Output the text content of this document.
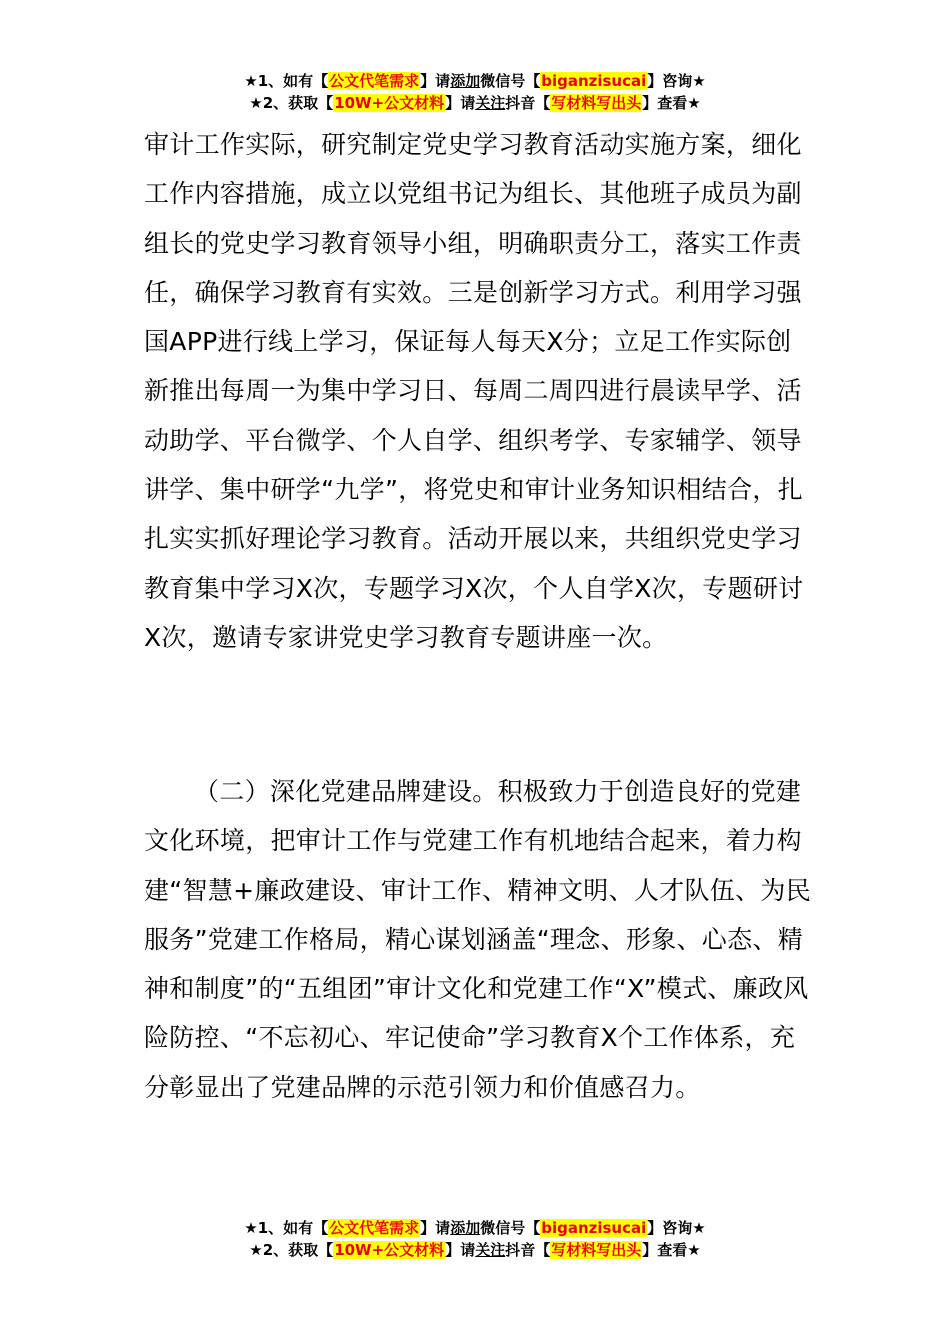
★1、如有【公文代笔需求】请添加微信号【biganzisucai】咨询★
★2、获取【10W+公文材料】请关注抖音【写材料写出头】查看★

审计工作实际，研究制定党史学习教育活动实施方案，细化工作内容措施，成立以党组书记为组长、其他班子成员为副组长的党史学习教育领导小组，明确职责分工，落实工作责任，确保学习教育有实效。三是创新学习方式。利用学习强国APP进行线上学习，保证每人每天X分；立足工作实际创新推出每周一为集中学习日、每周二周四进行晨读早学、活动助学、平台微学、个人自学、组织考学、专家辅学、领导讲学、集中研学“九学”，将党史和审计业务知识相结合，扎扎实实抓好理论学习教育。活动开展以来，共组织党史学习教育集中学习X次，专题学习X次，个人自学X次，专题研讨X次，邀请专家讲党史学习教育专题讲座一次。

（二）深化党建品牌建设。积极致力于创造良好的党建文化环境，把审计工作与党建工作有机地结合起来，着力构建“智慧+廉政建设、审计工作、精神文明、人才队伍、为民服务”党建工作格局，精心谋划涵盖“理念、形象、心态、精神和制度”的“五组团”审计文化和党建工作“X”模式、廉政风险防控、“不忘初心、牢记使命”学习教育X个工作体系，充分彰显出了党建品牌的示范引领力和价值感召力。

★1、如有【公文代笔需求】请添加微信号【biganzisucai】咨询★
★2、获取【10W+公文材料】请关注抖音【写材料写出头】查看★
